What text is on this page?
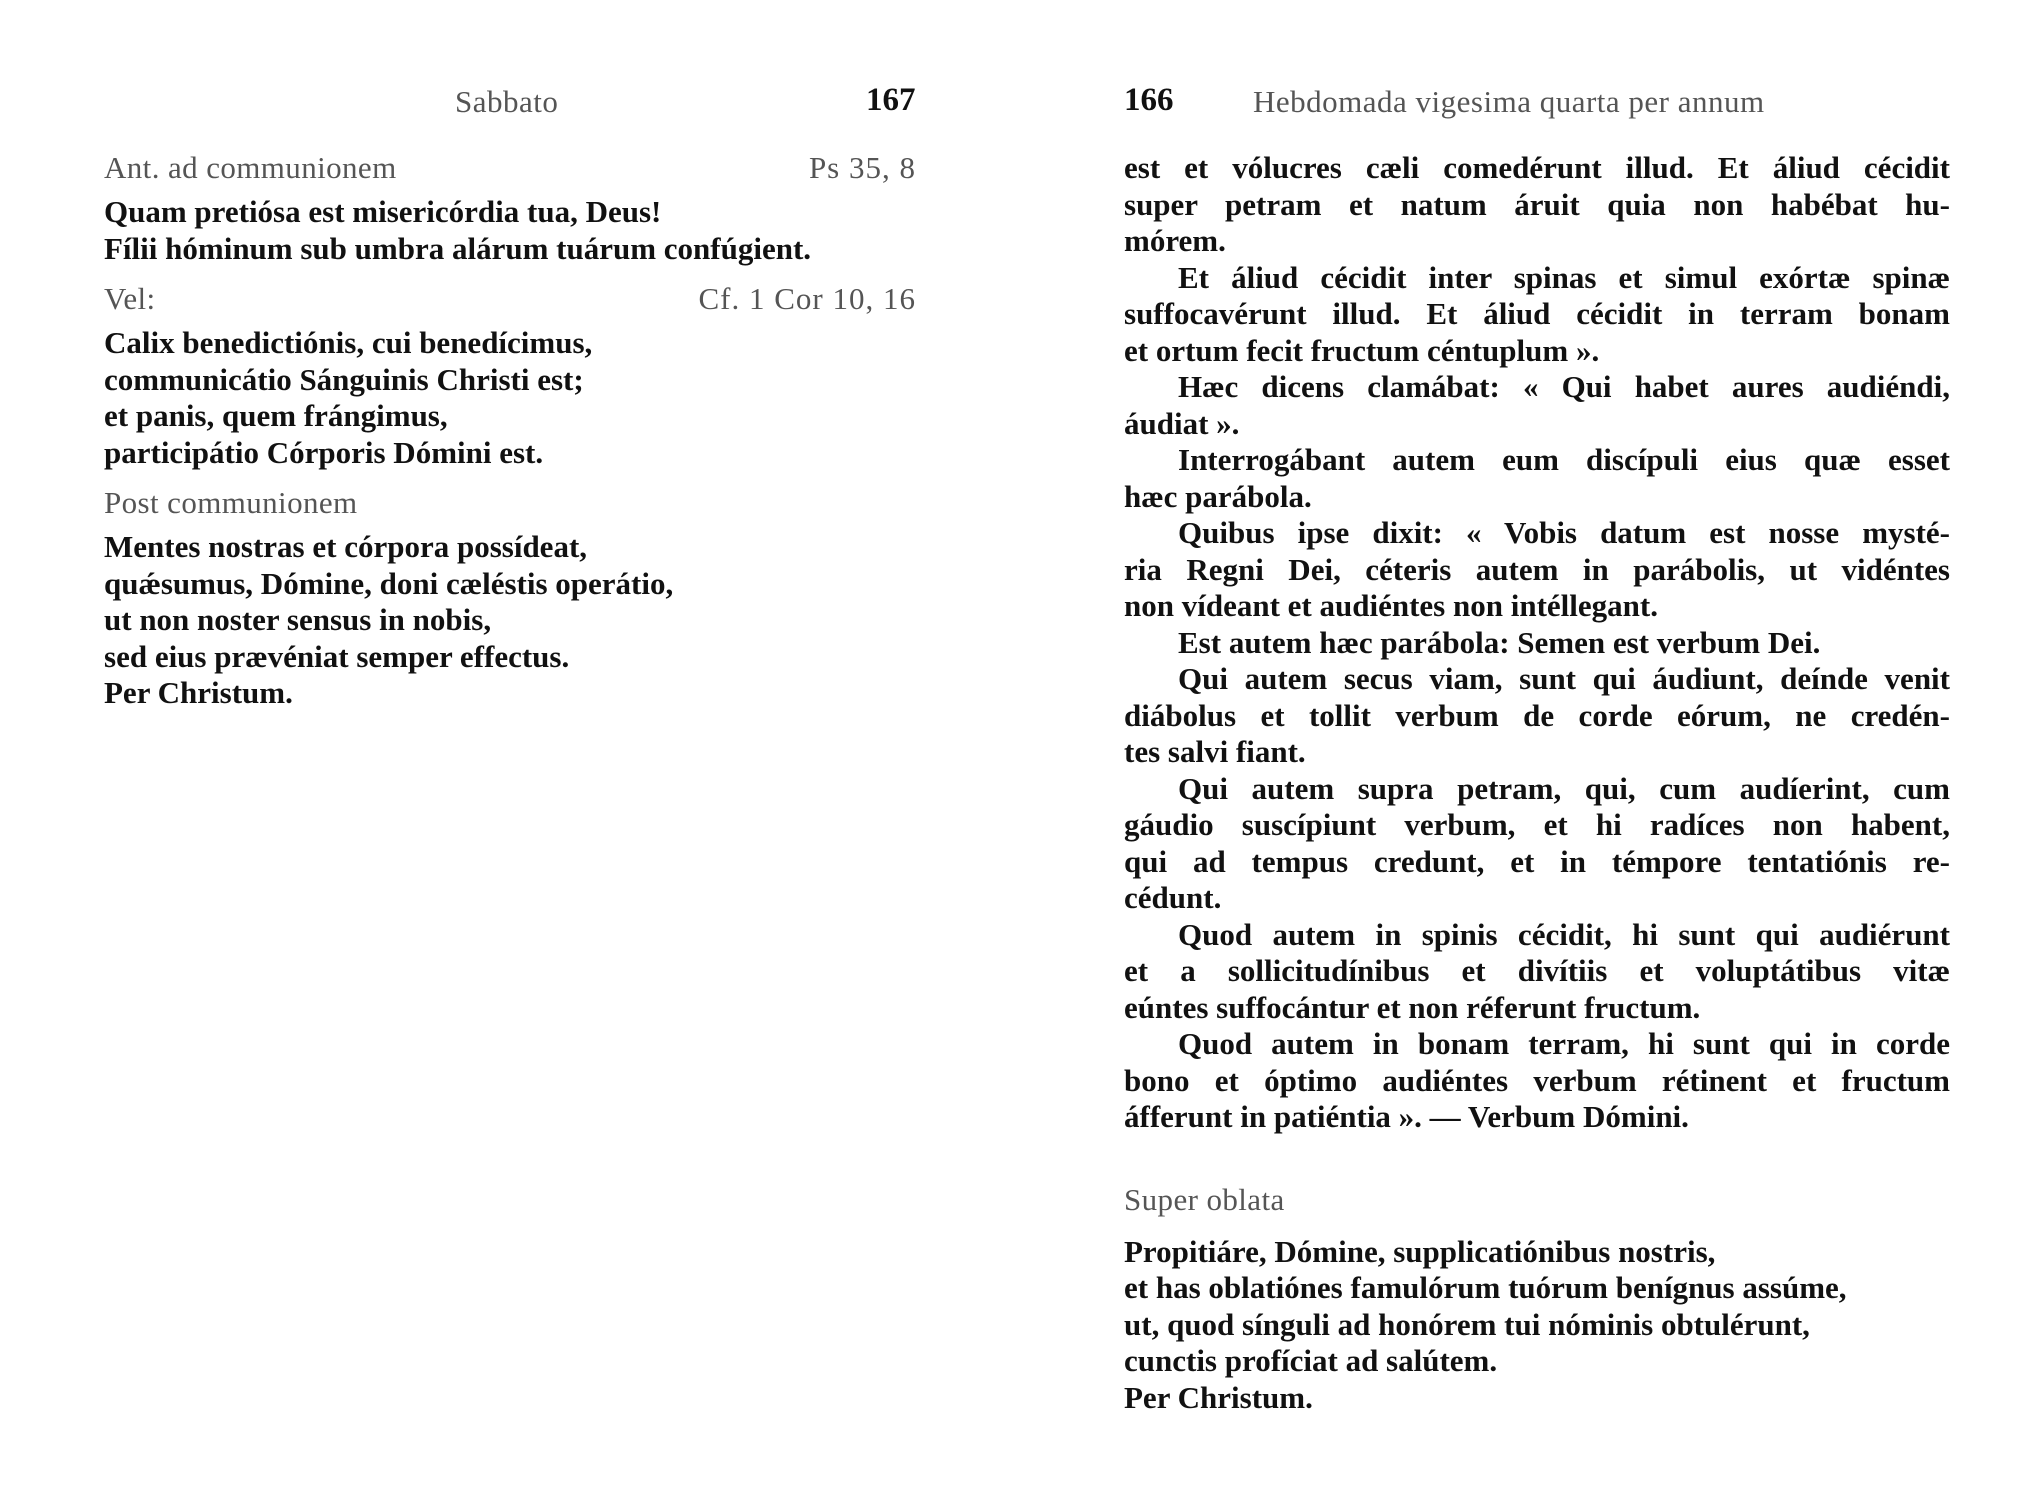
Sabbato	167
Ant. ad communionem	Ps 35, 8
Quam pretiósa est misericórdia tua, Deus!
Fílii hóminum sub umbra alárum tuárum confúgient.
Vel:	Cf. 1 Cor 10, 16
Calix benedictiónis, cui benedícimus,
communicátio Sánguinis Christi est;
et panis, quem frángimus,
participátio Córporis Dómini est.
Post communionem
Mentes nostras et córpora possídeat,
quǽsumus, Dómine, doni cæléstis operátio,
ut non noster sensus in nobis,
sed eius prævéniat semper effectus.
Per Christum.
166	Hebdomada vigesima quarta per annum
est et vólucres cæli comedérunt illud. Et áliud cécidit
super petram et natum áruit quia non habébat hu-
mórem.
Et áliud cécidit inter spinas et simul exórtæ spinæ
suffocavérunt illud. Et áliud cécidit in terram bonam
et ortum fecit fructum céntuplum ».
Hæc dicens clamábat: « Qui habet aures audiéndi,
áudiat ».
Interrogábant autem eum discípuli eius quæ esset
hæc parábola.
Quibus ipse dixit: « Vobis datum est nosse mysté-
ria Regni Dei, céteris autem in parábolis, ut vidéntes
non vídeant et audiéntes non intéllegant.
Est autem hæc parábola: Semen est verbum Dei.
Qui autem secus viam, sunt qui áudiunt, deínde venit
diábolus et tollit verbum de corde eórum, ne credén-
tes salvi fiant.
Qui autem supra petram, qui, cum audíerint, cum
gáudio suscípiunt verbum, et hi radíces non habent,
qui ad tempus credunt, et in témpore tentatiónis re-
cédunt.
Quod autem in spinis cécidit, hi sunt qui audiérunt
et a sollicitudínibus et divítiis et voluptátibus vitæ
eúntes suffocántur et non réferunt fructum.
Quod autem in bonam terram, hi sunt qui in corde
bono et óptimo audiéntes verbum rétinent et fructum
áfferunt in patiéntia ». — Verbum Dómini.
Super oblata
Propitiáre, Dómine, supplicatiónibus nostris,
et has oblatiónes famulórum tuórum benígnus assúme,
ut, quod sínguli ad honórem tui nóminis obtulérunt,
cunctis profíciat ad salútem.
Per Christum.
